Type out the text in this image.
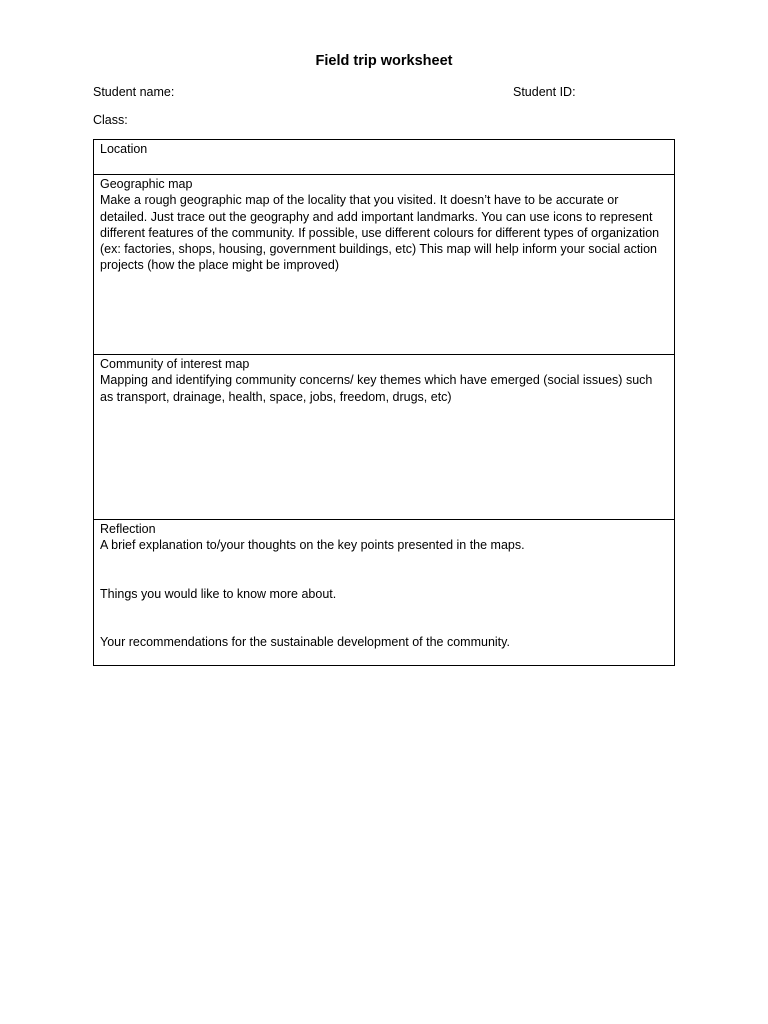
Field trip worksheet
Student name:	Student ID:
Class:
Location
Geographic map
Make a rough geographic map of the locality that you visited. It doesn’t have to be accurate or detailed. Just trace out the geography and add important landmarks. You can use icons to represent different features of the community. If possible, use different colours for different types of organization (ex: factories, shops, housing, government buildings, etc) This map will help inform your social action projects (how the place might be improved)
Community of interest map
Mapping and identifying community concerns/ key themes which have emerged (social issues) such as transport, drainage, health, space, jobs, freedom, drugs, etc)
Reflection
A brief explanation to/your thoughts on the key points presented in the maps.
Things you would like to know more about.
Your recommendations for the sustainable development of the community.
